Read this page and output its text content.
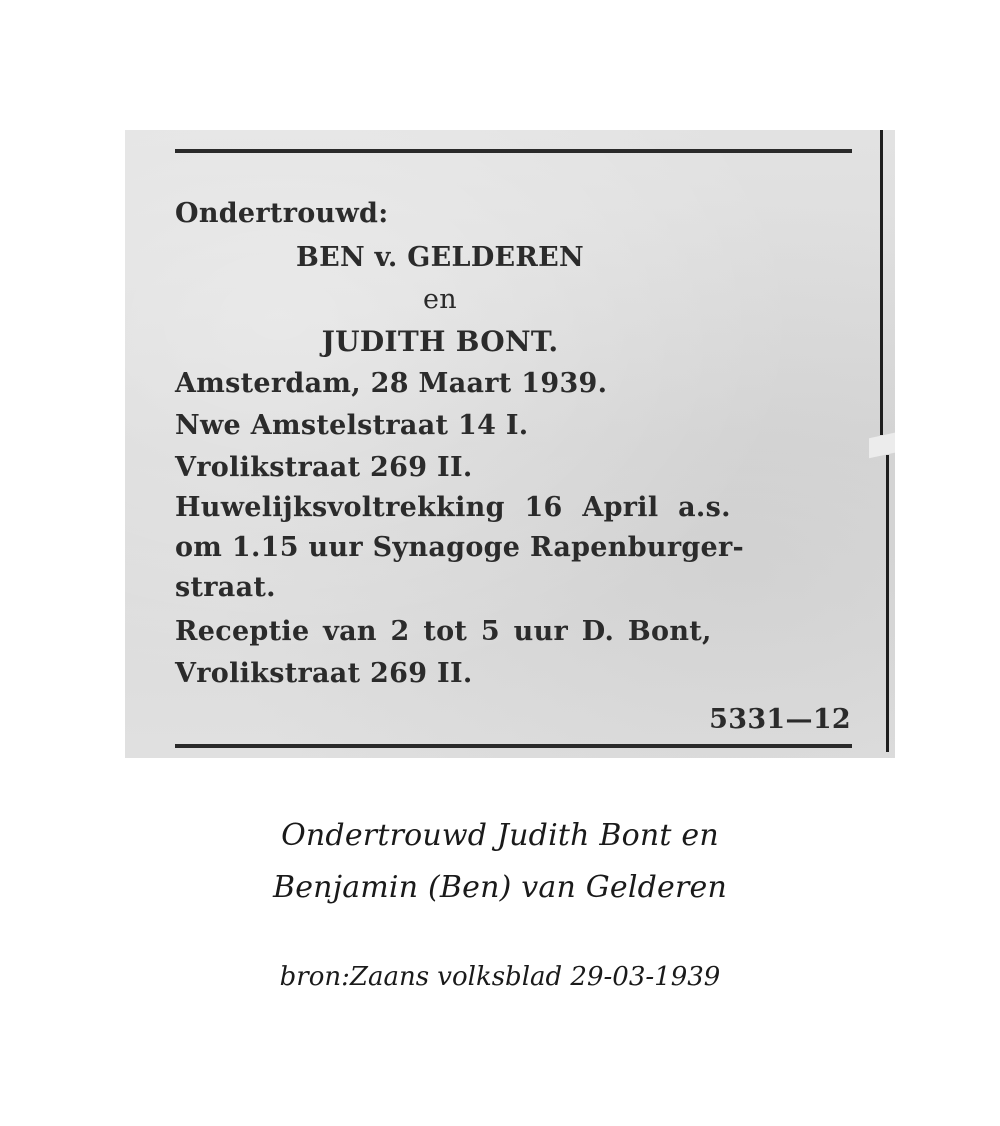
Ondertrouwd:
BEN v. GELDEREN
en
JUDITH BONT.
Amsterdam, 28 Maart 1939.
Nwe Amstelstraat 14 I.
Vrolikstraat 269 II.
Huwelijksvoltrekking 16 April a.s.
om 1.15 uur Synagoge Rapenburger-
straat.
Receptie van 2 tot 5 uur D. Bont,
Vrolikstraat 269 II.
5331—12
Ondertrouwd Judith Bont en
Benjamin (Ben) van Gelderen
bron:Zaans volksblad 29-03-1939
